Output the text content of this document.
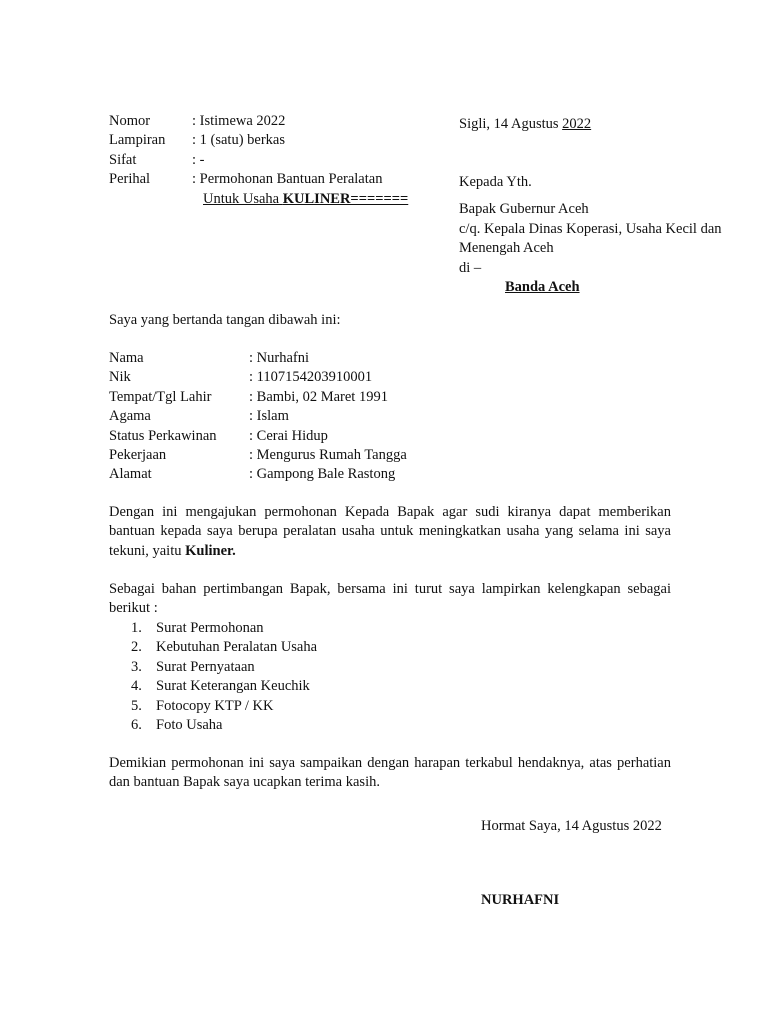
Nomor	: Istimewa 2022
Lampiran	: 1 (satu) berkas
Sifat	: -
Perihal	: Permohonan Bantuan Peralatan
Untuk Usaha KULINER=======
Sigli, 14 Agustus 2022
Kepada Yth.
Bapak Gubernur Aceh
c/q. Kepala Dinas Koperasi, Usaha Kecil dan Menengah Aceh
di –
Banda Aceh
Saya yang bertanda tangan dibawah ini:
Nama	: Nurhafni
Nik	: 1107154203910001
Tempat/Tgl Lahir	: Bambi, 02 Maret 1991
Agama	: Islam
Status Perkawinan	: Cerai Hidup
Pekerjaan	: Mengurus Rumah Tangga
Alamat	: Gampong Bale Rastong
Dengan ini mengajukan permohonan Kepada Bapak agar sudi kiranya dapat memberikan bantuan kepada saya berupa peralatan usaha untuk meningkatkan usaha yang selama ini saya tekuni, yaitu Kuliner.
Sebagai bahan pertimbangan Bapak, bersama ini turut saya lampirkan kelengkapan sebagai berikut :
1. Surat Permohonan
2. Kebutuhan Peralatan Usaha
3. Surat Pernyataan
4. Surat Keterangan Keuchik
5. Fotocopy KTP / KK
6. Foto Usaha
Demikian permohonan ini saya sampaikan dengan harapan terkabul hendaknya, atas perhatian dan bantuan Bapak saya ucapkan terima kasih.
Hormat Saya, 14 Agustus 2022
NURHAFNI
